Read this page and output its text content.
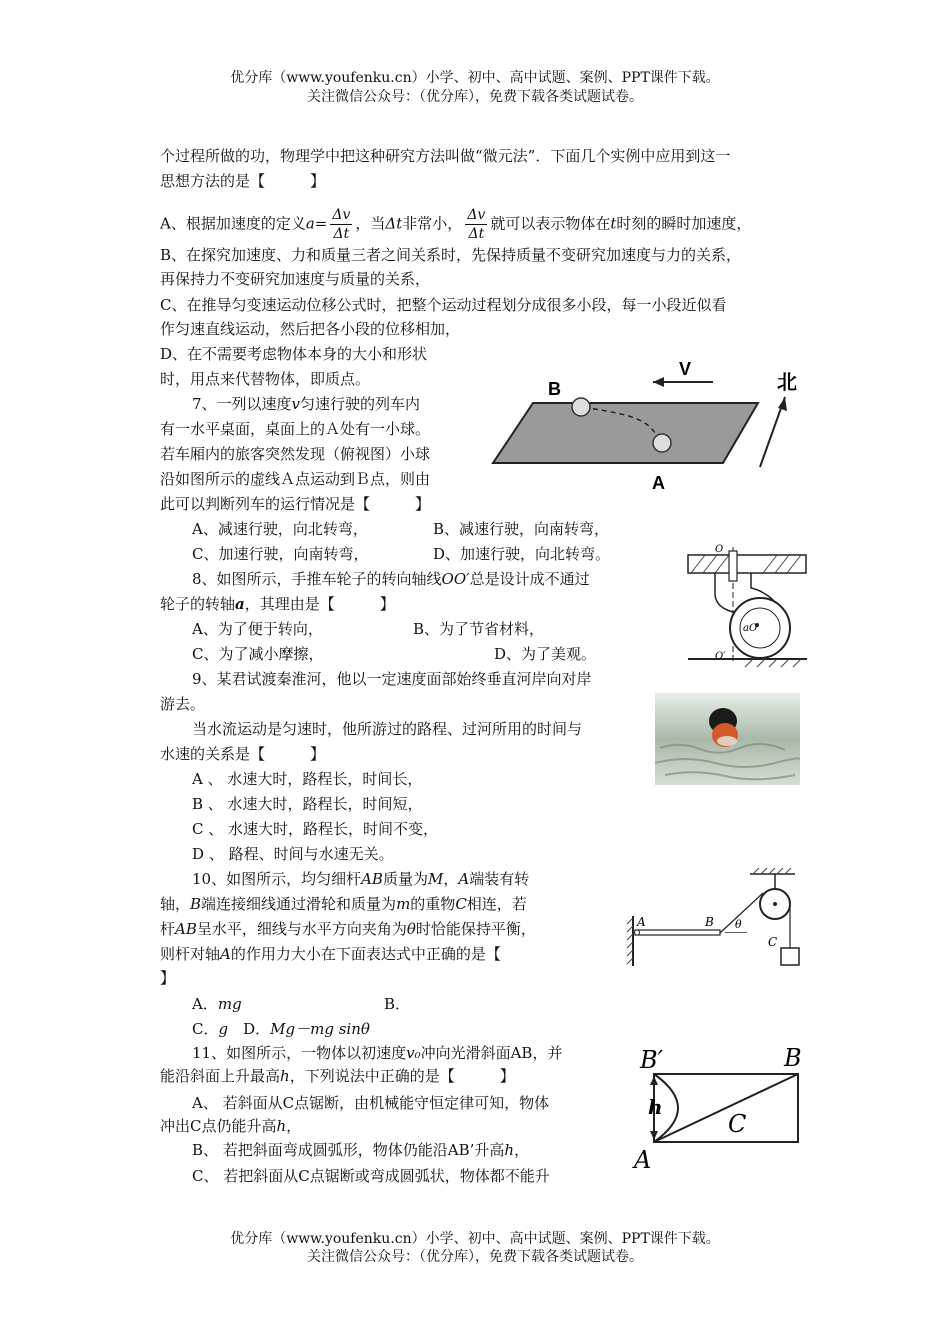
优分库（www.youfenku.cn）小学、初中、高中试题、案例、PPT课件下载。
关注微信公众号：（优分库），免费下载各类试题试卷。
个过程所做的功，物理学中把这种研究方法叫做“微元法”．下面几个实例中应用到这一
思想方法的是【　　　】
A、根据加速度的定义$a= \frac{\Delta v}{\Delta t}$ ，当Δt非常小， $\frac{\Delta v}{\Delta t}$ 就可以表示物体在t时刻的瞬时加速度，
B、在探究加速度、力和质量三者之间关系时，先保持质量不变研究加速度与力的关系，
再保持力不变研究加速度与质量的关系，
C、在推导匀变速运动位移公式时，把整个运动过程划分成很多小段，每一小段近似看
作匀速直线运动，然后把各小段的位移相加，
D、在不需要考虑物体本身的大小和形状
时，用点来代替物体，即质点。
7、一列以速度v匀速行驶的列车内
有一水平桌面，桌面上的Ａ处有一小球。
若车厢内的旅客突然发现（俯视图）小球
沿如图所示的虚线Ａ点运动到Ｂ点，则由
此可以判断列车的运行情况是【　　　】
A、减速行驶，向北转弯，	B、减速行驶，向南转弯，
C、加速行驶，向南转弯，	D、加速行驶，向北转弯。
B
A
V
北
8、如图所示，手推车轮子的转向轴线OO′总是设计成不通过
轮子的转轴a，其理由是【　　　】
A、为了便于转向，	B、为了节省材料，
C、为了减小摩擦，	D、为了美观。
O
O′
aO
9、某君试渡秦淮河，他以一定速度面部始终垂直河岸向对岸
游去。
当水流运动是匀速时，他所游过的路程、过河所用的时间与
水速的关系是【　　　】
A 、 水速大时，路程长，时间长，
B 、 水速大时，路程长，时间短，
C 、 水速大时，路程长，时间不变，
D 、 路程、时间与水速无关。
10、如图所示，均匀细杆AB质量为M，A端装有转
轴，B端连接细线通过滑轮和质量为m的重物C相连，若
杆AB呈水平，细线与水平方向夹角为θ时恰能保持平衡，
则杆对轴A的作用力大小在下面表达式中正确的是【
】
A．mg	B．
C．g　 D．Mg－mg sinθ
A	B θ
C
11、如图所示，一物体以初速度v₀冲向光滑斜面AB，并
能沿斜面上升最高h，下列说法中正确的是【　　　】
A、 若斜面从C点锯断，由机械能守恒定律可知，物体
冲出C点仍能升高h，
B、 若把斜面弯成圆弧形，物体仍能沿AB’升高h，
C、 若把斜面从C点锯断或弯成圆弧状，物体都不能升
B′	B
h
C
A
优分库（www.youfenku.cn）小学、初中、高中试题、案例、PPT课件下载。
关注微信公众号：（优分库），免费下载各类试题试卷。
